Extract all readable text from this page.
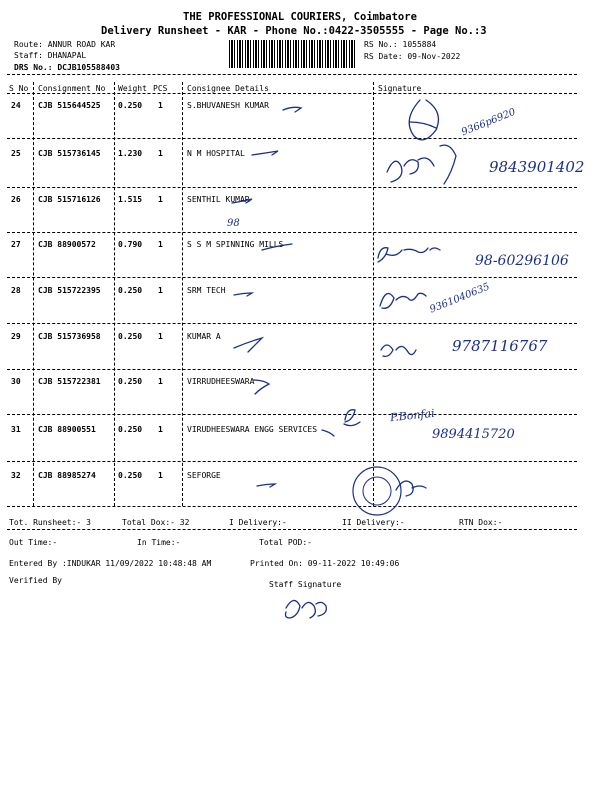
THE PROFESSIONAL COURIERS, Coimbatore
Delivery Runsheet - KAR - Phone No.:0422-3505555 - Page No.:3
Route: ANNUR ROAD KAR
Staff: DHANAPAL
DRS No.: DCJB105588403
RS No.: 1055884
RS Date: 09-Nov-2022
S No Consignment No Weight PCS Consignee Details	Signature
24 CJB 515644525 0.250 1	S.BHUVANESH KUMAR
25 CJB 515736145 1.230 1	N M HOSPITAL
26 CJB 515716126 1.515 1	SENTHIL KUMAR
27 CJB 88900572	0.790 1	S S M SPINNING MILLS
28 CJB 515722395 0.250 1	SRM TECH
29 CJB 515736958 0.250 1	KUMAR A
30 CJB 515722381 0.250 1	VIRRUDHEESWARA
31 CJB 88900551	0.250 1	VIRUDHEESWARA ENGG SERVICES
32 CJB 88985274	0.250 1	SEFORGE
9366p6920
9843901402
98
98-60296106
9361040635
9787116767
P.Bonfai
9894415720
Tot. Runsheet:- 3	Total Dox:- 32	I Delivery:-	II Delivery:-	RTN Dox:-
Out Time:-	In Time:-	Total POD:-
Entered By :INDUKAR 11/09/2022 10:48:48 AM	Printed On: 09-11-2022 10:49:06
Verified By	Staff Signature
